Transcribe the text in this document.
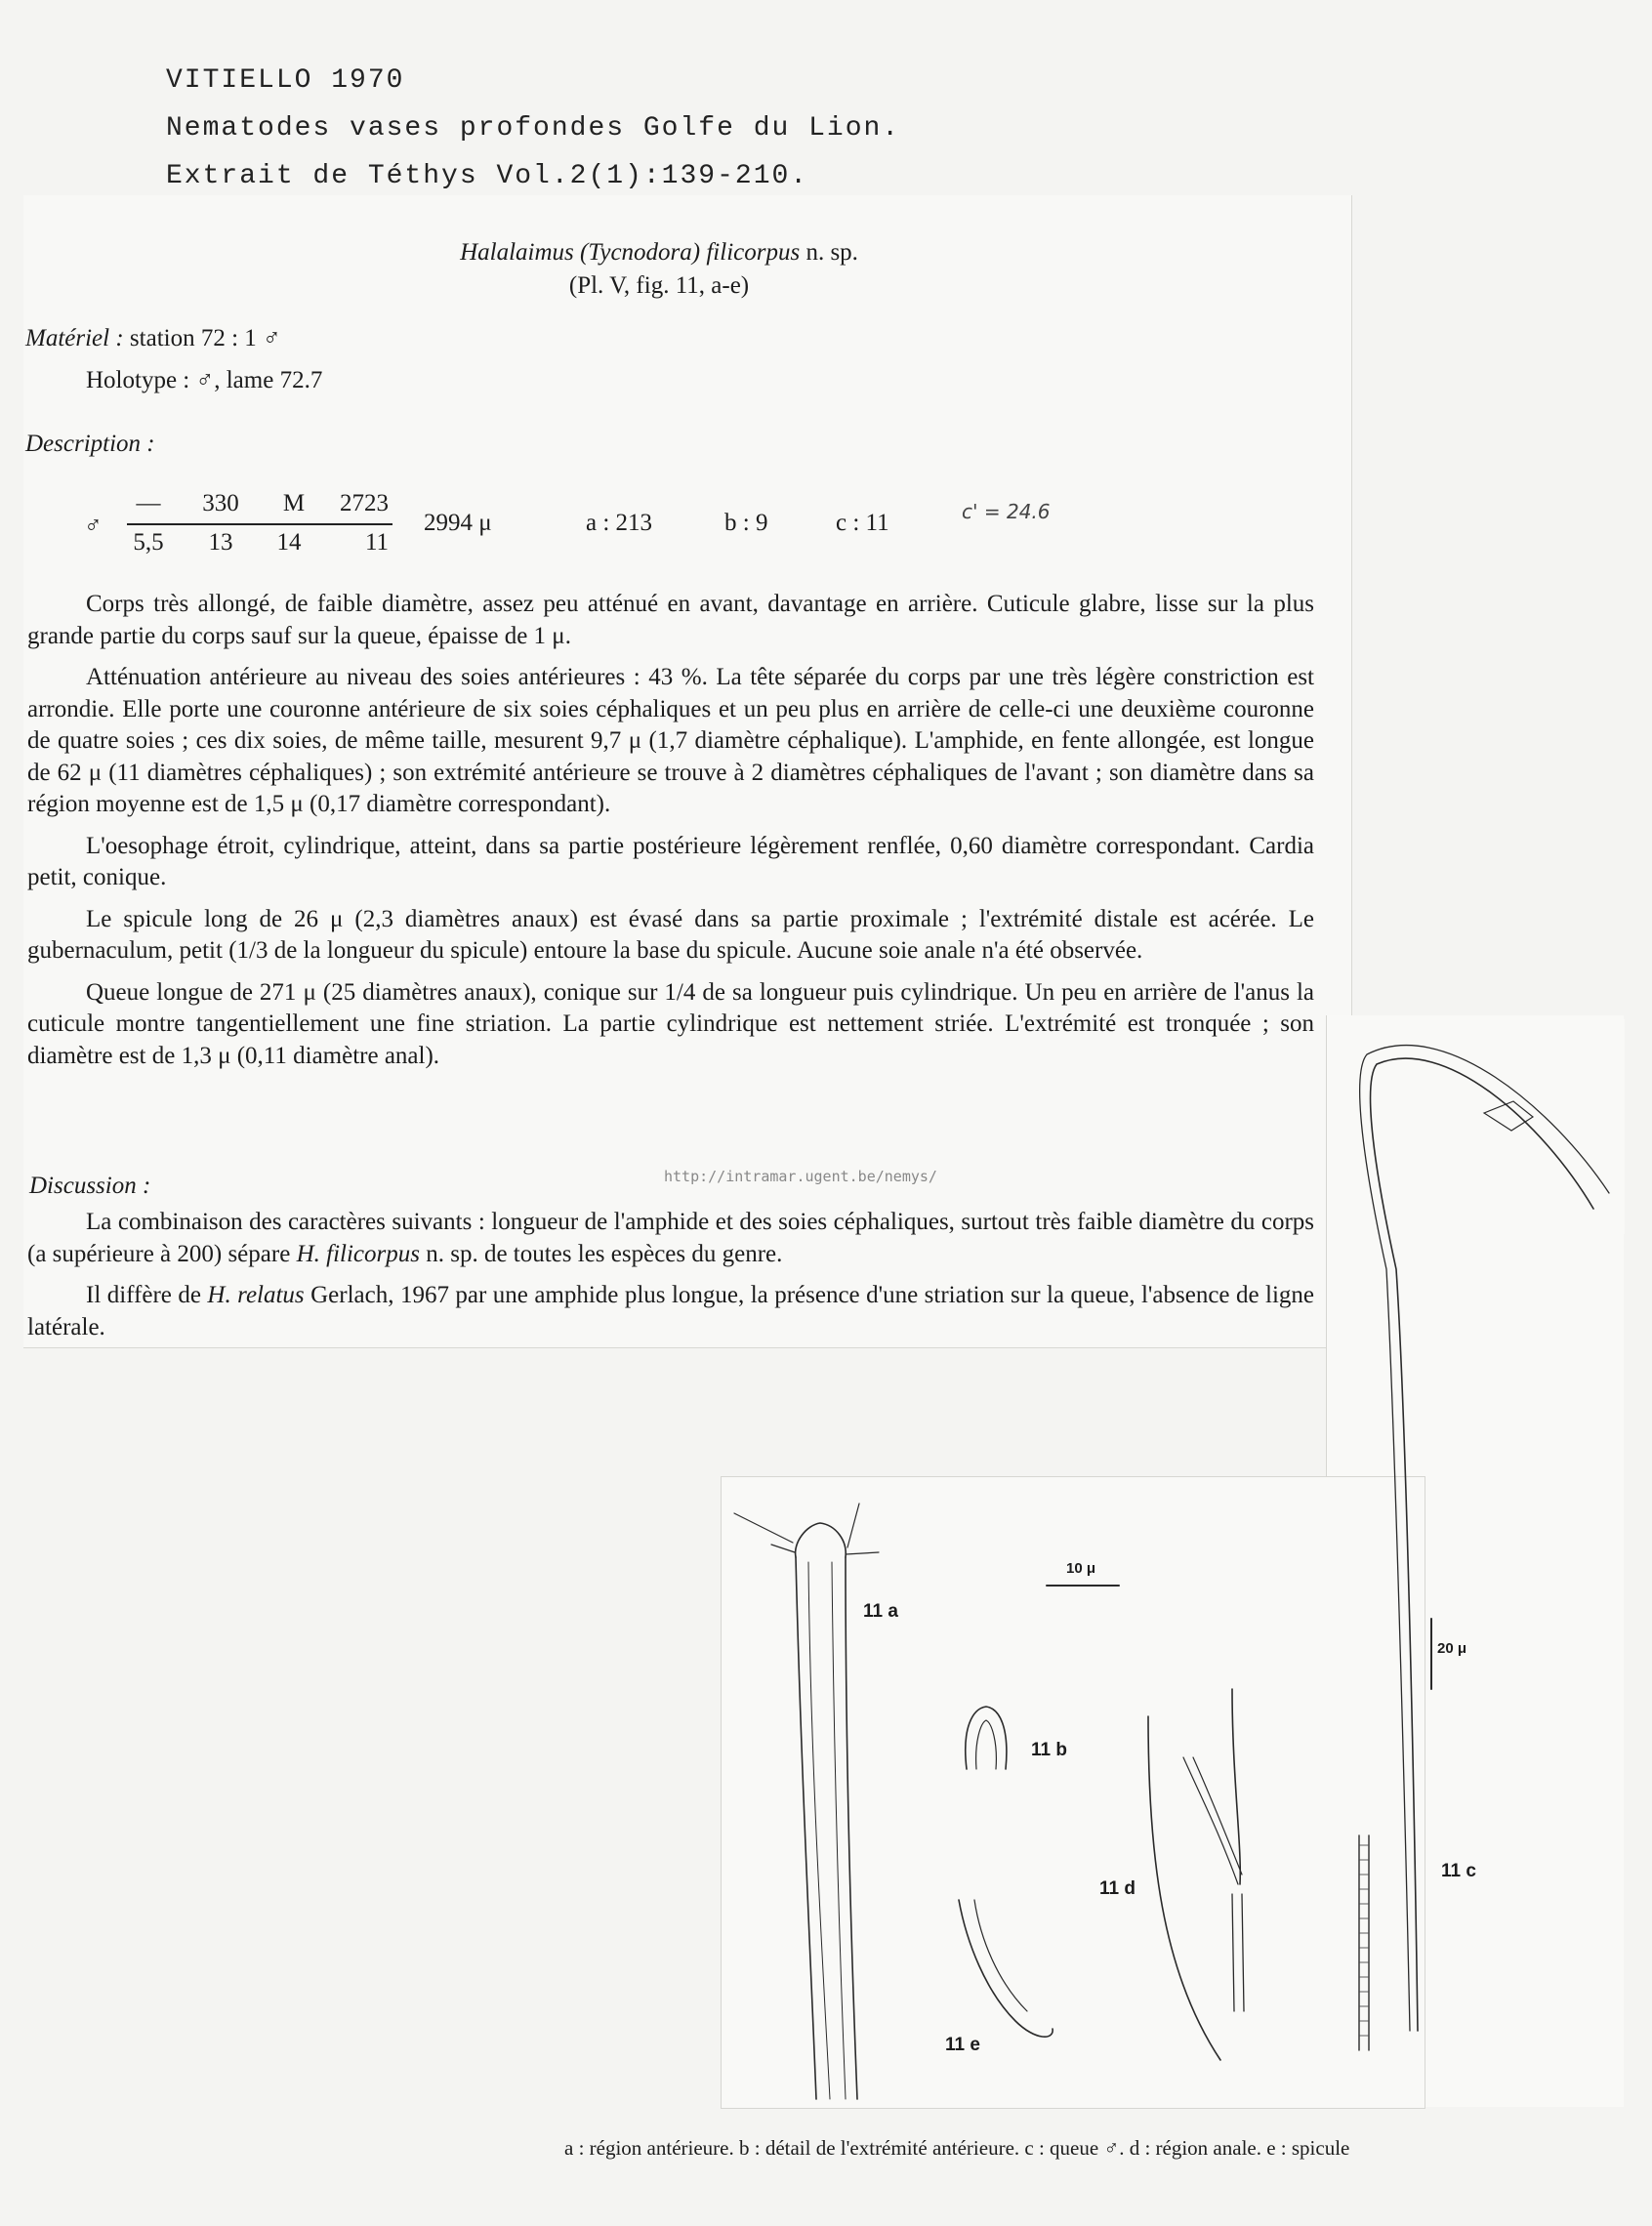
VITIELLO 1970
Nematodes vases profondes Golfe du Lion.
Extrait de Téthys Vol.2(1):139-210.
Halalaimus (Tycnodora) filicorpus n. sp.
(Pl. V, fig. 11, a-e)
Matériel : station 72 : 1 ♂
Holotype : ♂, lame 72.7
Description :
♂
—	330	M	2723
5,5	13	14	11
2994 μ	a : 213	b : 9	c : 11	c' = 24.6

Corps très allongé, de faible diamètre, assez peu atténué en avant, davantage en arrière. Cuticule glabre, lisse sur la plus grande partie du corps sauf sur la queue, épaisse de 1 μ.

Atténuation antérieure au niveau des soies antérieures : 43 %. La tête séparée du corps par une très légère constriction est arrondie. Elle porte une couronne antérieure de six soies céphaliques et un peu plus en arrière de celle-ci une deuxième couronne de quatre soies ; ces dix soies, de même taille, mesurent 9,7 μ (1,7 diamètre céphalique). L'amphide, en fente allongée, est longue de 62 μ (11 diamètres céphaliques) ; son extrémité antérieure se trouve à 2 diamètres céphaliques de l'avant ; son diamètre dans sa région moyenne est de 1,5 μ (0,17 diamètre correspondant).

L'oesophage étroit, cylindrique, atteint, dans sa partie postérieure légèrement renflée, 0,60 diamètre correspondant. Cardia petit, conique.

Le spicule long de 26 μ (2,3 diamètres anaux) est évasé dans sa partie proximale ; l'extrémité distale est acérée. Le gubernaculum, petit (1/3 de la longueur du spicule) entoure la base du spicule. Aucune soie anale n'a été observée.

Queue longue de 271 μ (25 diamètres anaux), conique sur 1/4 de sa longueur puis cylindrique. Un peu en arrière de l'anus la cuticule montre tangentiellement une fine striation. La partie cylindrique est nettement striée. L'extrémité est tronquée ; son diamètre est de 1,3 μ (0,11 diamètre anal).

Discussion :	http://intramar.ugent.be/nemys/

La combinaison des caractères suivants : longueur de l'amphide et des soies céphaliques, surtout très faible diamètre du corps (a supérieure à 200) sépare H. filicorpus n. sp. de toutes les espèces du genre.

Il diffère de H. relatus Gerlach, 1967 par une amphide plus longue, la présence d'une striation sur la queue, l'absence de ligne latérale.

11 a
11 b
11 c
11 d
11 e
10 μ
20 μ
a : région antérieure. b : détail de l'extrémité antérieure. c : queue ♂. d : région anale. e : spicule
